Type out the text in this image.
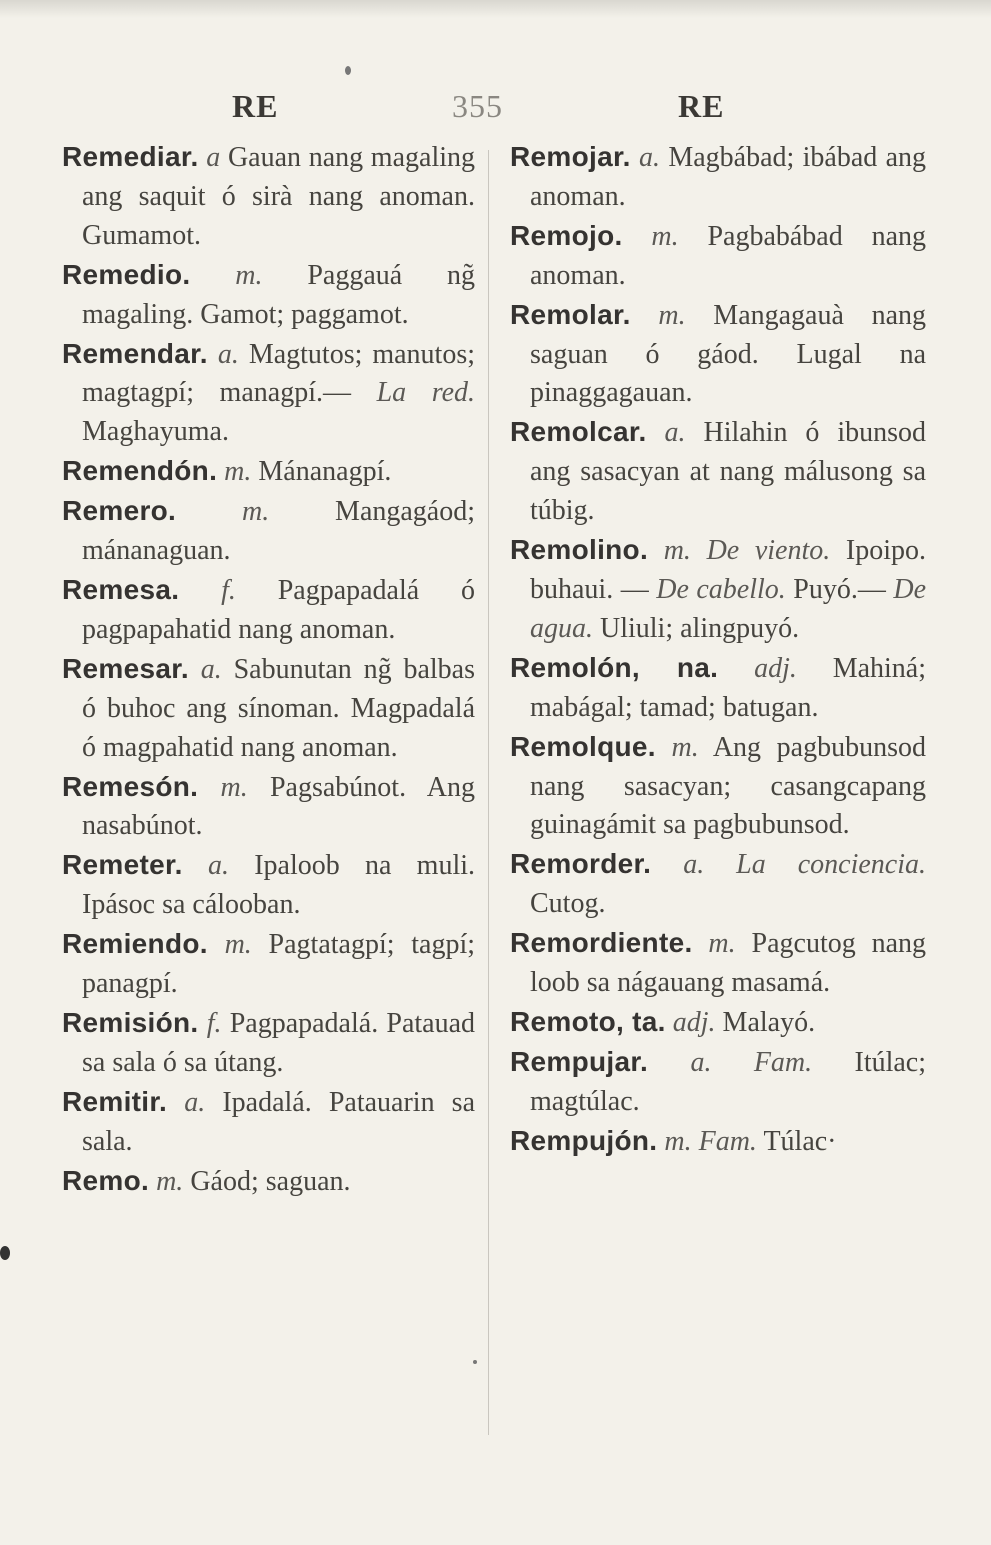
RE	355	RE
Remediar. a Gauan nang magaling ang saquit ó sirà nang anoman. Gumamot.
Remedio. m. Paggauá ng̃ magaling. Gamot; paggamot.
Remendar. a. Magtutos; manutos; magtagpí; managpí.— La red. Maghayuma.
Remendón. m. Mánanagpí.
Remero. m. Mangagáod; mánanaguan.
Remesa. f. Pagpapadalá ó pagpapahatid nang anoman.
Remesar. a. Sabunutan ng̃ balbas ó buhoc ang sínoman. Magpadalá ó magpahatid nang anoman.
Remesón. m. Pagsabúnot. Ang nasabúnot.
Remeter. a. Ipaloob na muli. Ipásoc sa cálooban.
Remiendo. m. Pagtatagpí; tagpí; panagpí.
Remisión. f. Pagpapadalá. Patauad sa sala ó sa útang.
Remitir. a. Ipadalá. Patauarin sa sala.
Remo. m. Gáod; saguan.
Remojar. a. Magbábad; ibábad ang anoman.
Remojo. m. Pagbabábad nang anoman.
Remolar. m. Mangagauà nang saguan ó gáod. Lugal na pinaggagauan.
Remolcar. a. Hilahin ó ibunsod ang sasacyan at nang málusong sa túbig.
Remolino. m. De viento. Ipoipo. buhaui. — De cabello. Puyó.— De agua. Uliuli; alingpuyó.
Remolón, na. adj. Mahiná; mabágal; tamad; batugan.
Remolque. m. Ang pagbubunsod nang sasacyan; casangcapang guinagámit sa pagbubunsod.
Remorder. a. La conciencia. Cutog.
Remordiente. m. Pagcutog nang loob sa nágauang masamá.
Remoto, ta. adj. Malayó.
Rempujar. a. Fam. Itúlac; magtúlac.
Rempujón. m. Fam. Túlac·
